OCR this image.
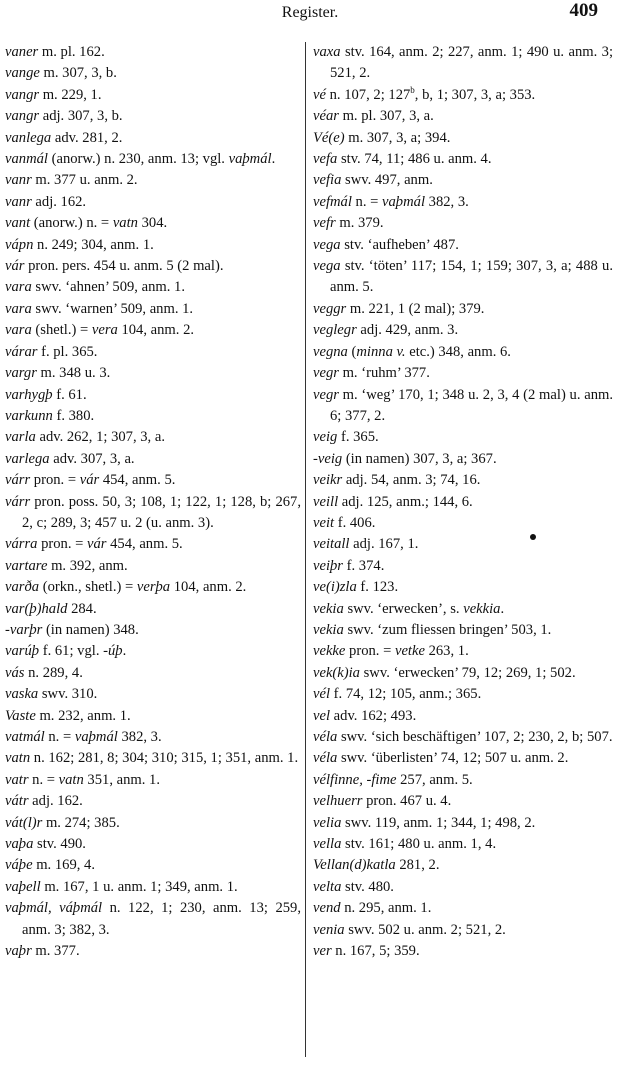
Register.	409
vaner m. pl. 162.
vange m. 307, 3, b.
vangr m. 229, 1.
vangr adj. 307, 3, b.
vanlega adv. 281, 2.
vanmál (anorw.) n. 230, anm. 13; vgl. vaþmál.
vanr m. 377 u. anm. 2.
vanr adj. 162.
vant (anorw.) n. = vatn 304.
vápn n. 249; 304, anm. 1.
vár pron. pers. 454 u. anm. 5 (2 mal).
vara swv. ‘ahnen’ 509, anm. 1.
vara swv. ‘warnen’ 509, anm. 1.
vara (shetl.) = vera 104, anm. 2.
várar f. pl. 365.
vargr m. 348 u. 3.
varhygþ f. 61.
varkunn f. 380.
varla adv. 262, 1; 307, 3, a.
varlega adv. 307, 3, a.
várr pron. = vár 454, anm. 5.
várr pron. poss. 50, 3; 108, 1; 122, 1; 128, b; 267, 2, c; 289, 3; 457 u. 2 (u. anm. 3).
várra pron. = vár 454, anm. 5.
vartare m. 392, anm.
varða (orkn., shetl.) = verþa 104, anm. 2.
var(þ)hald 284.
-varþr (in namen) 348.
varúþ f. 61; vgl. -úþ.
vás n. 289, 4.
vaska swv. 310.
Vaste m. 232, anm. 1.
vatmál n. = vaþmál 382, 3.
vatn n. 162; 281, 8; 304; 310; 315, 1; 351, anm. 1.
vatr n. = vatn 351, anm. 1.
vátr adj. 162.
vát(l)r m. 274; 385.
vaþa stv. 490.
váþe m. 169, 4.
vaþell m. 167, 1 u. anm. 1; 349, anm. 1.
vaþmál, váþmál n. 122, 1; 230, anm. 13; 259, anm. 3; 382, 3.
vaþr m. 377.
vaxa stv. 164, anm. 2; 227, anm. 1; 490 u. anm. 3; 521, 2.
vé n. 107, 2; 127$^b$, b, 1; 307, 3, a; 353.
véar m. pl. 307, 3, a.
Vé(e) m. 307, 3, a; 394.
vefa stv. 74, 11; 486 u. anm. 4.
vefia swv. 497, anm.
vefmál n. = vaþmál 382, 3.
vefr m. 379.
vega stv. ‘aufheben’ 487.
vega stv. ‘töten’ 117; 154, 1; 159; 307, 3, a; 488 u. anm. 5.
veggr m. 221, 1 (2 mal); 379.
veglegr adj. 429, anm. 3.
vegna (minna v. etc.) 348, anm. 6.
vegr m. ‘ruhm’ 377.
vegr m. ‘weg’ 170, 1; 348 u. 2, 3, 4 (2 mal) u. anm. 6; 377, 2.
veig f. 365.
-veig (in namen) 307, 3, a; 367.
veikr adj. 54, anm. 3; 74, 16.
veill adj. 125, anm.; 144, 6.
veit f. 406.
veitall adj. 167, 1.
veiþr f. 374.
ve(i)zla f. 123.
vekia swv. ‘erwecken’, s. vekkia.
vekia swv. ‘zum fliessen bringen’ 503, 1.
vekke pron. = vetke 263, 1.
vek(k)ia swv. ‘erwecken’ 79, 12; 269, 1; 502.
vél f. 74, 12; 105, anm.; 365.
vel adv. 162; 493.
véla swv. ‘sich beschäftigen’ 107, 2; 230, 2, b; 507.
véla swv. ‘überlisten’ 74, 12; 507 u. anm. 2.
vélfinne, -fime 257, anm. 5.
velhuerr pron. 467 u. 4.
velia swv. 119, anm. 1; 344, 1; 498, 2.
vella stv. 161; 480 u. anm. 1, 4.
Vellan(d)katla 281, 2.
velta stv. 480.
vend n. 295, anm. 1.
venia swv. 502 u. anm. 2; 521, 2.
ver n. 167, 5; 359.
